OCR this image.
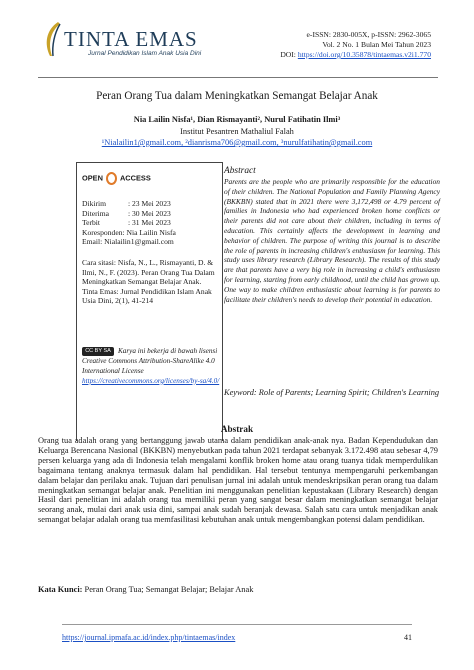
TINTA EMAS
Jurnal Pendidikan Islam Anak Usia Dini
e-ISSN: 2830-005X, p-ISSN: 2962-3065
Vol. 2 No. 1 Bulan Mei Tahun 2023
DOI: https://doi.org/10.35878/tintaemas.v2i1.770
Peran Orang Tua dalam Meningkatkan Semangat Belajar Anak
Nia Lailin Nisfa¹, Dian Rismayanti², Nurul Fatihatin Ilmi³
Institut Pesantren Mathaliul Falah
¹Nialailin1@gmail.com, ²dianrisma706@gmail.com, ³nurulfatihatin@gmail.com
OPEN ACCESS
Dikirim	: 23 Mei 2023
Diterima	: 30 Mei 2023
Terbit	: 31 Mei 2023
Koresponden: Nia Lailin Nisfa
Email: Nialailin1@gmail.com
Cara sitasi: Nisfa, N., L., Rismayanti, D. & Ilmi, N., F. (2023). Peran Orang Tua Dalam Meningkatkan Semangat Belajar Anak. Tinta Emas: Jurnal Pendidikan Islam Anak Usia Dini, 2(1), 41-214
CC BY SA Karya ini bekerja di bawah lisensi Creative Commons Attribution-ShareAlike 4.0 International License
https://creativecommons.org/licenses/by-sa/4.0/
Abstract
Parents are the people who are primarily responsible for the education of their children. The National Population and Family Planning Agency (BKKBN) stated that in 2021 there were 3,172,498 or 4.79 percent of families in Indonesia who had experienced broken home conflicts or their parents did not care about their children, including in terms of education. This certainly affects the development in learning and behavior of children. The purpose of writing this journal is to describe the role of parents in increasing children's enthusiasm for learning. This study uses library research (Library Research). The results of this study are that parents have a very big role in increasing a child's enthusiasm for learning, starting from early childhood, until the child has grown up. One way to make children enthusiastic about learning is for parents to facilitate their children's needs to develop their potential in education.
Keyword: Role of Parents; Learning Spirit; Children's Learning
Abstrak
Orang tua adalah orang yang bertanggung jawab utama dalam pendidikan anak-anak nya. Badan Kependudukan dan Keluarga Berencana Nasional (BKKBN) menyebutkan pada tahun 2021 terdapat sebanyak 3.172.498 atau sebesar 4,79 persen keluarga yang ada di Indonesia telah mengalami konflik broken home atau orang tuanya tidak memperdulikan bagaimana tentang anaknya termasuk dalam hal pendidikan. Hal tersebut tentunya mempengaruhi perkembangan dalam belajar dan perilaku anak. Tujuan dari penulisan jurnal ini adalah untuk mendeskripsikan peran orang tua dalam meningkatkan semangat belajar anak. Penelitian ini menggunakan penelitian kepustakaan (Library Research) dengan Hasil dari penelitian ini adalah orang tua memiliki peran yang sangat besar dalam meningkatkan semangat belajar seorang anak, mulai dari anak usia dini, sampai anak sudah beranjak dewasa. Salah satu cara untuk menjadikan anak semangat belajar adalah orang tua memfasilitasi kebutuhan anak untuk mengembangkan potensi dalam pendidikan.
Kata Kunci: Peran Orang Tua; Semangat Belajar; Belajar Anak
https://journal.ipmafa.ac.id/index.php/tintaemas/index	41
